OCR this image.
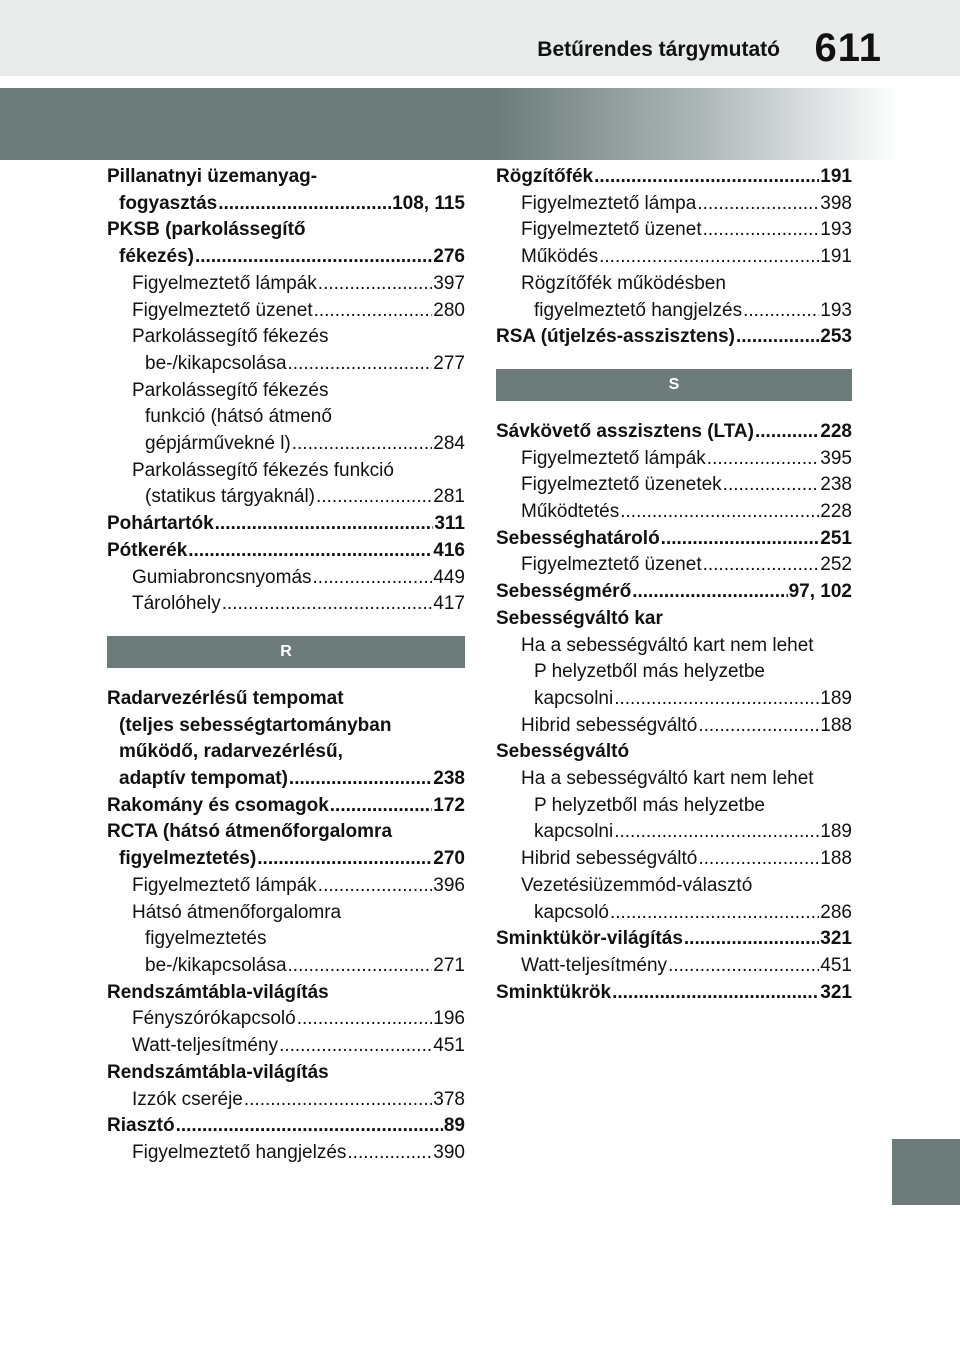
Betűrendes tárgymutató 611
Pillanatnyi üzemanyag-
fogyasztás .....	108, 115
PKSB (parkolássegítő
fékezés) .....	276
Figyelmeztető lámpák .....	397
Figyelmeztető üzenet .....	280
Parkolássegítő fékezés
be-/kikapcsolása .....	277
Parkolássegítő fékezés
funkció (hátsó átmenő
gépjárművekné l) .....	284
Parkolássegítő fékezés funkció
(statikus tárgyaknál) .....	281
Pohártartók .....	311
Pótkerék .....	416
Gumiabroncsnyomás .....	449
Tárolóhely .....	417
R
Radarvezérlésű tempomat
(teljes sebességtartományban
működő, radarvezérlésű,
adaptív tempomat) .....	238
Rakomány és csomagok .....	172
RCTA (hátsó átmenőforgalomra
figyelmeztetés) .....	270
Figyelmeztető lámpák .....	396
Hátsó átmenőforgalomra
figyelmeztetés
be-/kikapcsolása .....	271
Rendszámtábla-világítás
Fényszórókapcsoló .....	196
Watt-teljesítmény .....	451
Rendszámtábla-világítás
Izzók cseréje .....	378
Riasztó .....	89
Figyelmeztető hangjelzés .....	390
Rögzítőfék .....	191
Figyelmeztető lámpa .....	398
Figyelmeztető üzenet .....	193
Működés .....	191
Rögzítőfék működésben
figyelmeztető hangjelzés .....	193
RSA (útjelzés-asszisztens) .....	253
S
Sávkövető asszisztens (LTA) .....	228
Figyelmeztető lámpák .....	395
Figyelmeztető üzenetek .....	238
Működtetés .....	228
Sebességhatároló .....	251
Figyelmeztető üzenet .....	252
Sebességmérő .....	97, 102
Sebességváltó kar
Ha a sebességváltó kart nem lehet
P helyzetből más helyzetbe
kapcsolni .....	189
Hibrid sebességváltó .....	188
Sebességváltó
Ha a sebességváltó kart nem lehet
P helyzetből más helyzetbe
kapcsolni .....	189
Hibrid sebességváltó .....	188
Vezetésiüzemmód-választó
kapcsoló .....	286
Sminktükör-világítás .....	321
Watt-teljesítmény .....	451
Sminktükrök .....	321
